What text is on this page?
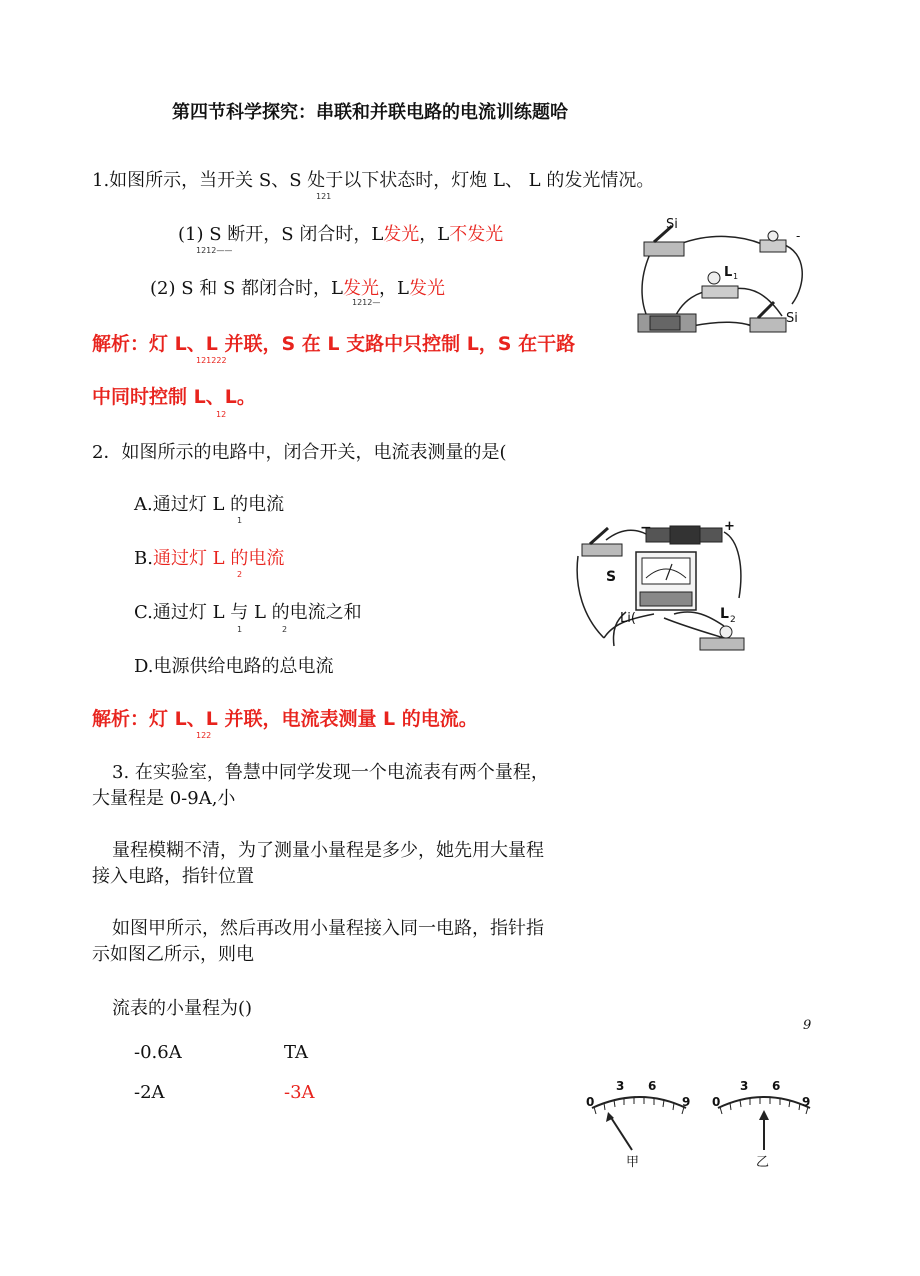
第四节科学探究：串联和并联电路的电流训练题哈
1.如图所示，当开关 S、S 处于以下状态时，灯炮 L、 L 的发光情况。
121
(1) S 断开，S 闭合时，L发光，L不发光
1212——
(2) S 和 S 都闭合时，L发光，L发光
1212—
解析：灯 L、L 并联，S 在 L 支路中只控制 L，S 在干路
121222
中同时控制 L、L。
12
Si
-
L 1
Si
2．如图所示的电路中，闭合开关，电流表测量的是(
A.通过灯 L 的电流
1
B.通过灯 L 的电流
2
C.通过灯 L 与 L 的电流之和
1	2
D.电源供给电路的总电流
解析：灯 L、L 并联，电流表测量 L 的电流。
122
−	+
S
Li(	L 2
3. 在实验室，鲁慧中同学发现一个电流表有两个量程，
大量程是 0-9A,小
量程模糊不清，为了测量小量程是多少，她先用大量程
接入电路，指针位置
如图甲所示，然后再改用小量程接入同一电路，指针指
示如图乙所示，则电
流表的小量程为()
9
-0.6A	TA
-2A	-3A	0
3 6
9
甲
0
3 6
9
乙
